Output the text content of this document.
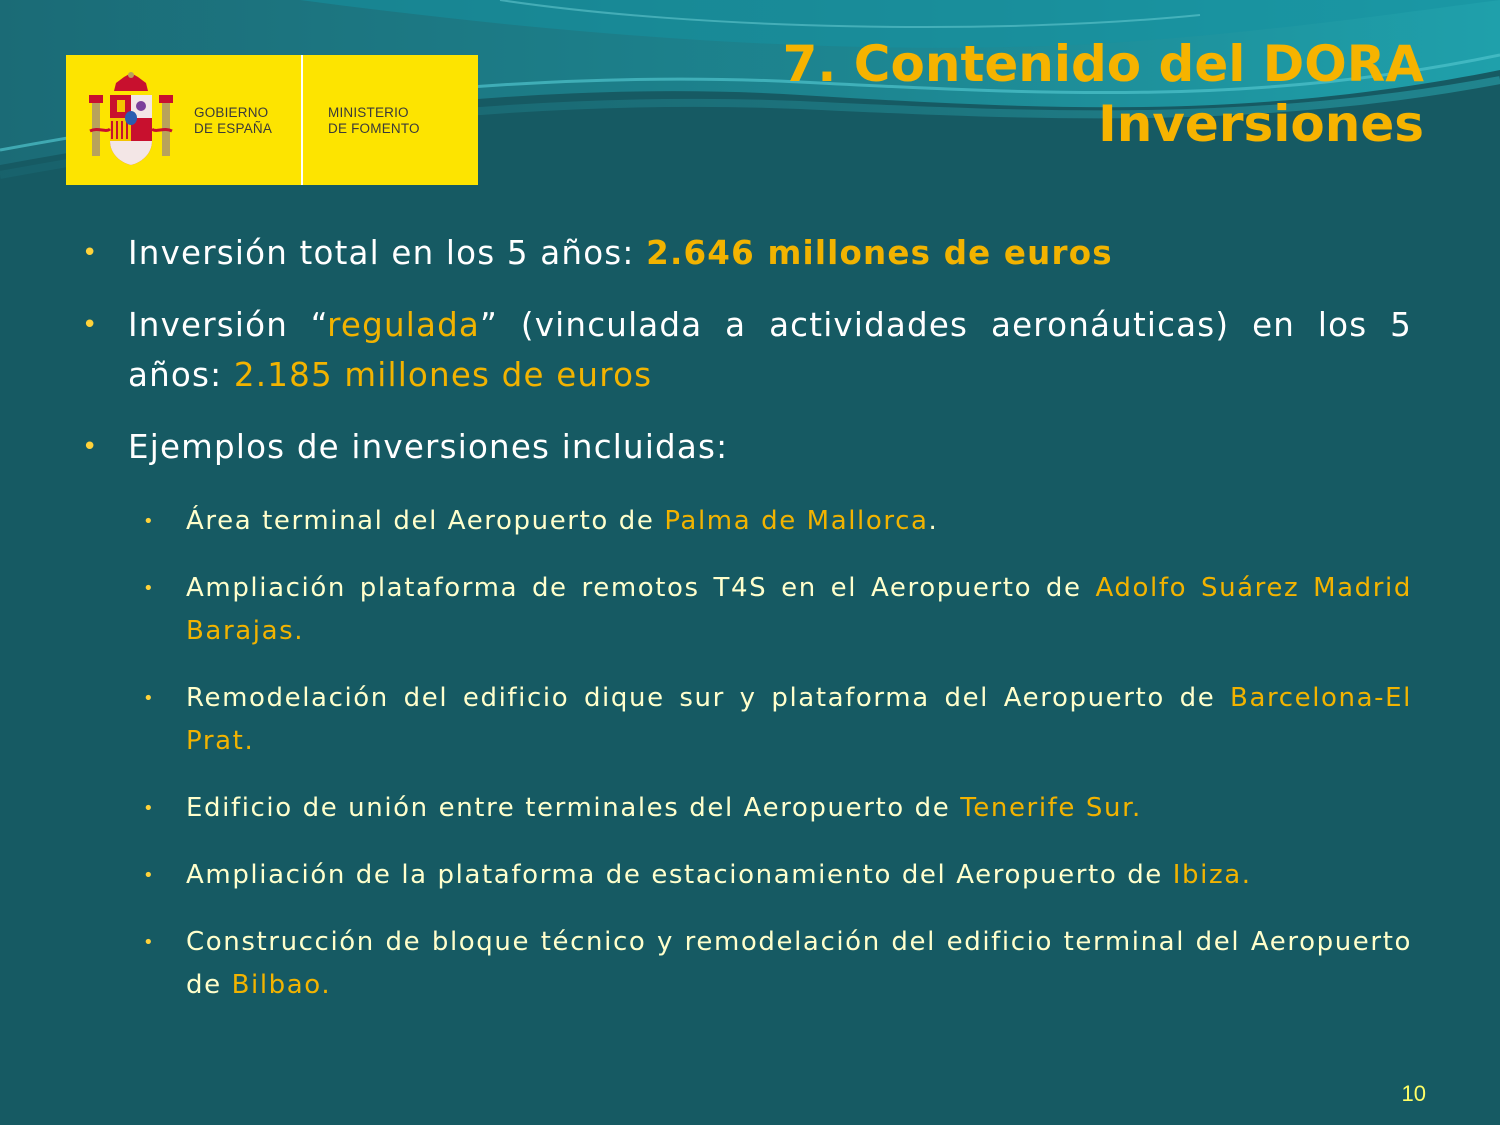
GOBIERNO
DE ESPAÑA
MINISTERIO
DE FOMENTO
7. Contenido del DORA
Inversiones
• Inversión total en los 5 años: 2.646 millones de euros
• Inversión “regulada” (vinculada a actividades aeronáuticas) en los 5
años: 2.185 millones de euros
• Ejemplos de inversiones incluidas:
• Área terminal del Aeropuerto de Palma de Mallorca.
• Ampliación plataforma de remotos T4S en el Aeropuerto de Adolfo Suárez Madrid Barajas.
• Remodelación del edificio dique sur y plataforma del Aeropuerto de Barcelona-El Prat.
• Edificio de unión entre terminales del Aeropuerto de Tenerife Sur.
• Ampliación de la plataforma de estacionamiento del Aeropuerto de Ibiza.
• Construcción de bloque técnico y remodelación del edificio terminal del Aeropuerto de Bilbao.
10
